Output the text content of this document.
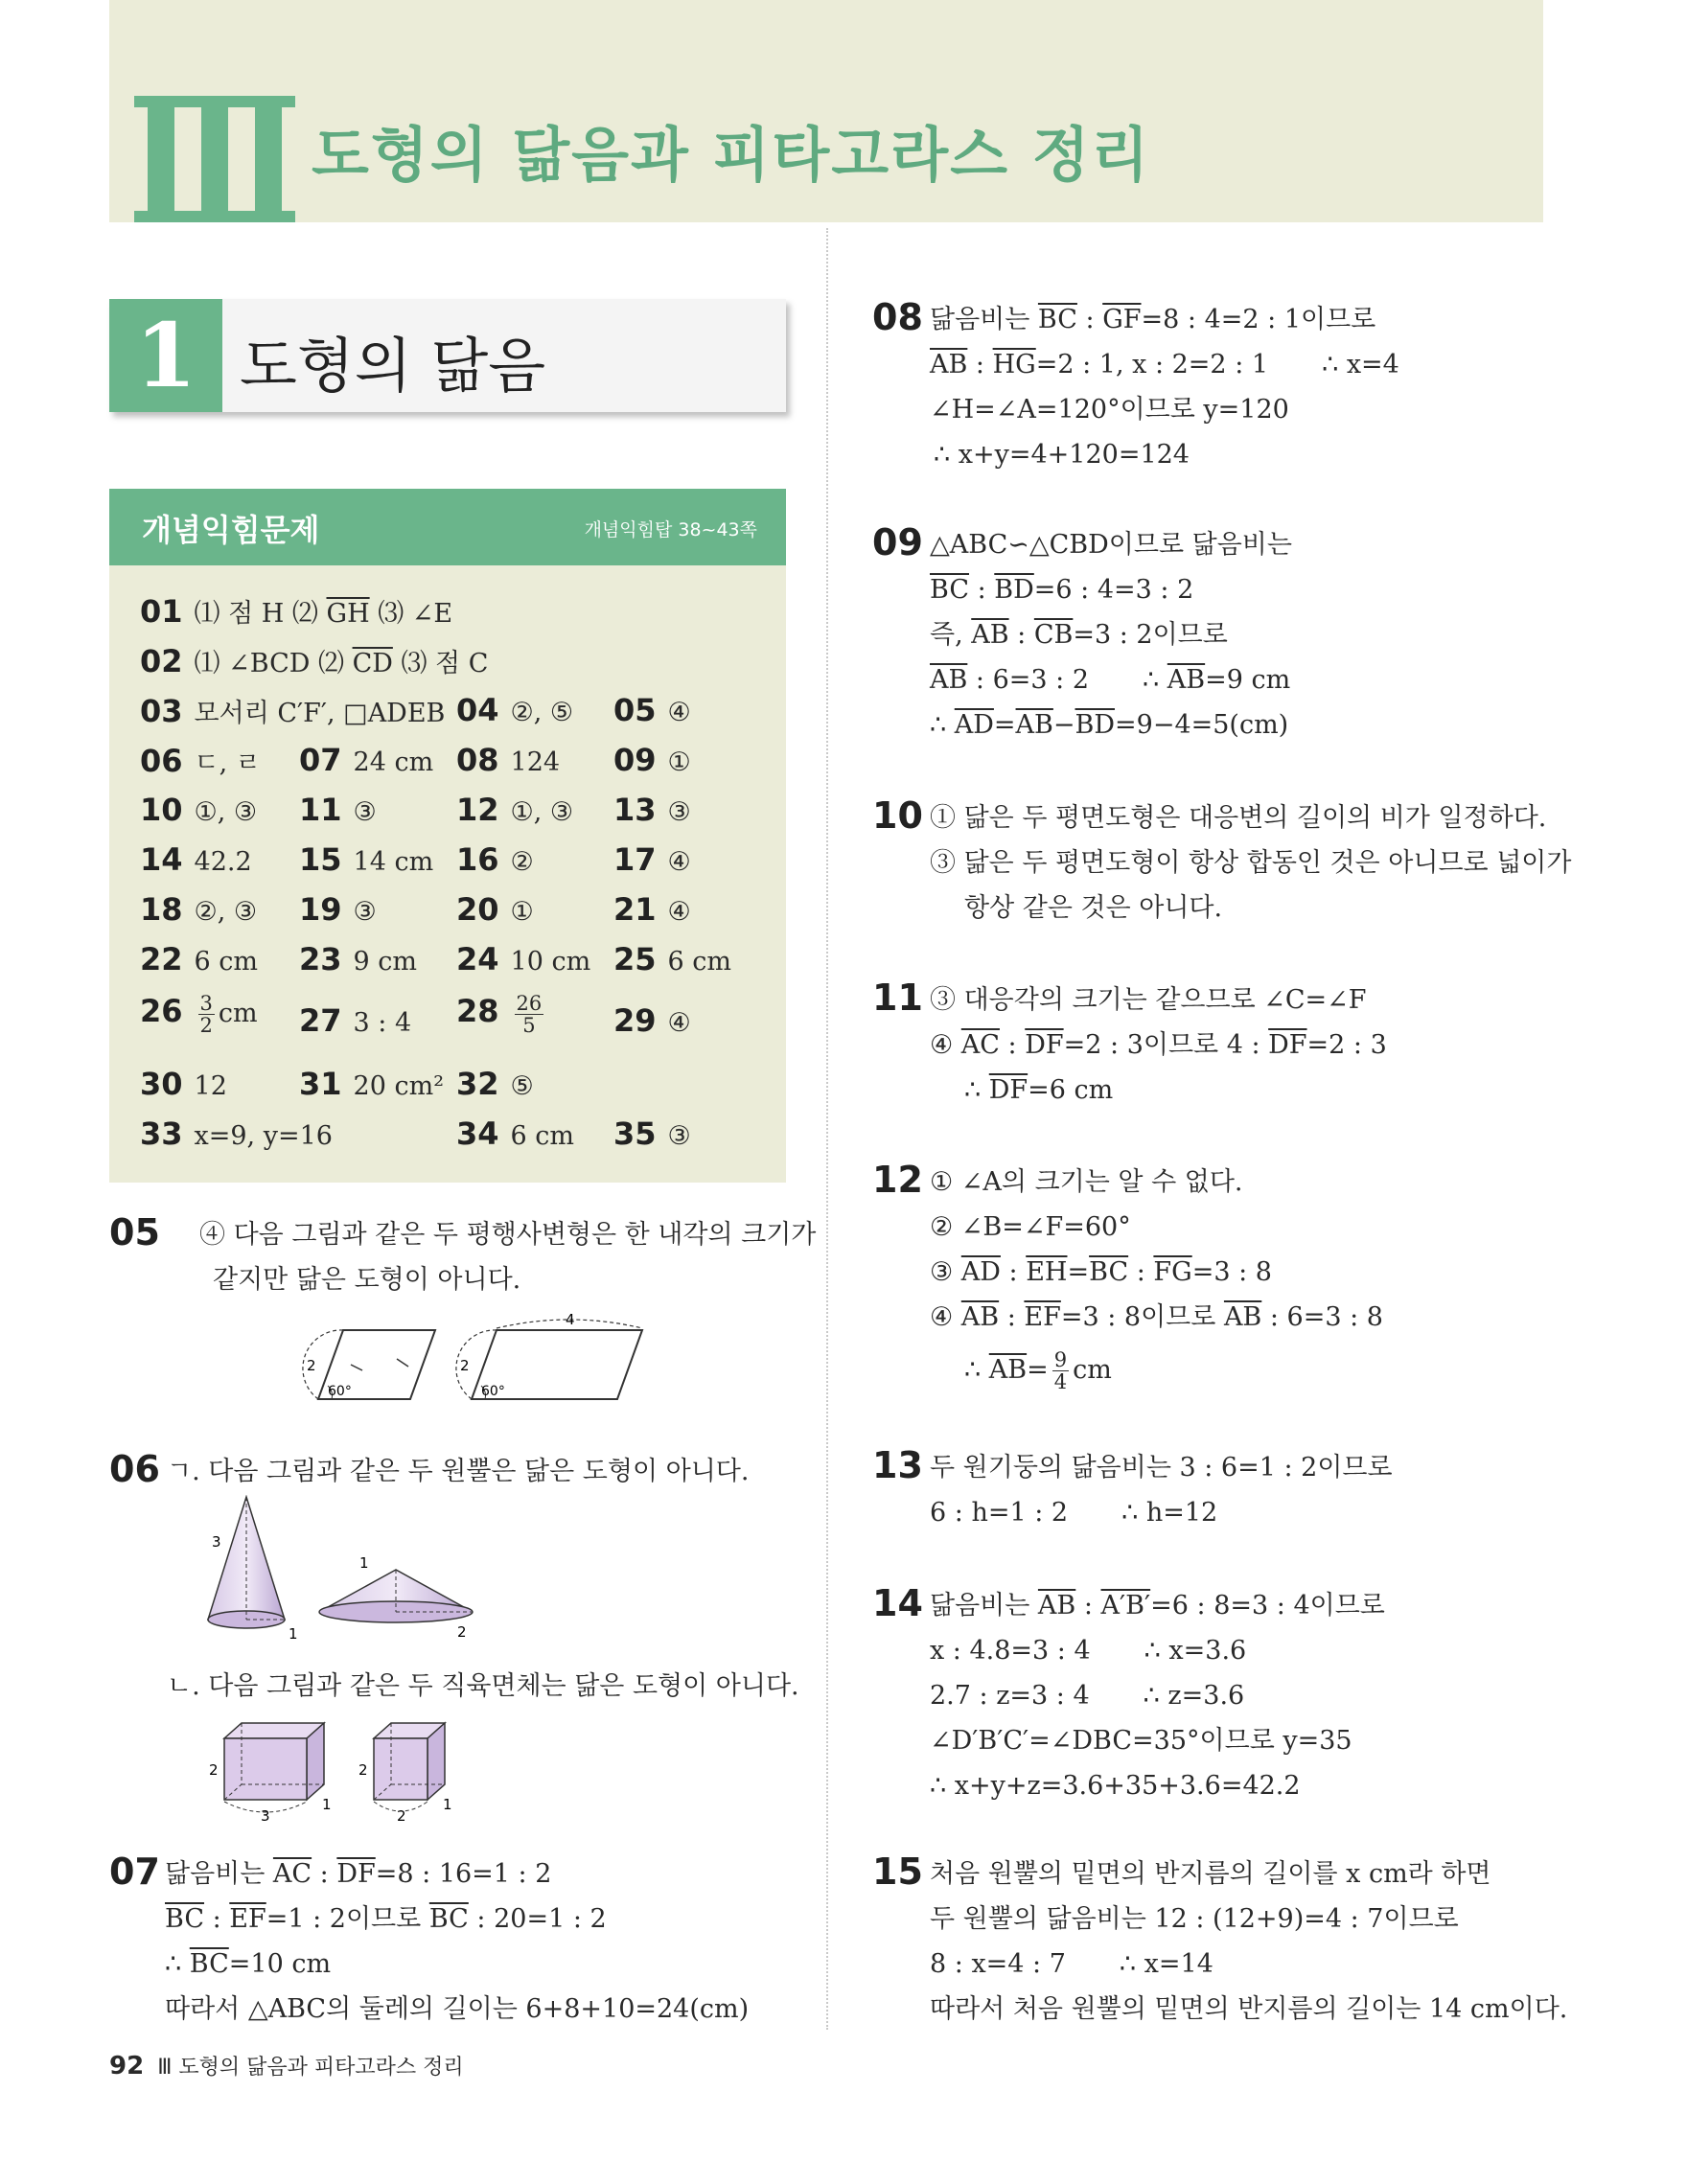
도형의 닮음과 피타고라스 정리
1 도형의 닮음
개념익힘문제	개념익힘탑 38~43쪽
01 ⑴ 점 H ⑵ $\overline{GH}$ ⑶ ∠E
02 ⑴ ∠BCD ⑵ $\overline{CD}$ ⑶ 점 C
03 모서리 C′F′, □ADEB 04 ②, ⑤ 05 ④
06 ㄷ, ㄹ 07 24 cm 08 124 09 ①
10 ①, ③ 11 ③	12 ①, ③ 13 ③
14 42.2 15 14 cm 16 ②	17 ④
18 ②, ③ 19 ③	20 ①	21 ④
22 6 cm 23 9 cm 24 10 cm 25 6 cm
$26 \frac{3}{2}$ cm 27 3 : 4 $28 \frac{26}{5} 29$ ④
30 12 31 20 cm² 32 ⑤
33 x=9, y=16	34 6 cm 35 ③
05 ④ 다음 그림과 같은 두 평행사변형은 한 내각의 크기가
같지만 닮은 도형이 아니다.
2
60°
2
60°
4
06 ㄱ. 다음 그림과 같은 두 원뿔은 닮은 도형이 아니다.
3
1
1
2
ㄴ. 다음 그림과 같은 두 직육면체는 닮은 도형이 아니다.
2
3
1
2
2
1
07 닮음비는 $\overline{AC}$ : $\overline{DF}=8$ : 16=1 : 2
$\overline{BC}$ : $\overline{EF}=1$ : 2이므로 $\overline{BC}$ : 20=1 : 2
∴ $\overline{BC}=10$ cm
따라서 △ABC의 둘레의 길이는 6+8+10=24(cm)
08 닮음비는 $\overline{BC}$ : $\overline{GF}=8$ : 4=2 : 1이므로
$\overline{AB}$ : $\overline{HG}=2$ : 1, x : 2=2 : 1 ∴ x=4
∠H=∠A=120°이므로 y=120
∴ x+y=4+120=124
09 △ABC∽△CBD이므로 닮음비는
$\overline{BC}$ : $\overline{BD}=6$ : 4=3 : 2
즉, $\overline{AB}$ : $\overline{CB}=3$ : 2이므로
$\overline{AB}$ : 6=3 : 2 ∴ $\overline{AB}=9$ cm
∴ $\overline{AD}=\overline{AB}-\overline{BD}=9-4=5(cm)$
10 ① 닮은 두 평면도형은 대응변의 길이의 비가 일정하다.
③ 닮은 두 평면도형이 항상 합동인 것은 아니므로 넓이가
항상 같은 것은 아니다.
11 ③ 대응각의 크기는 같으므로 ∠C=∠F
④ $\overline{AC}$ : $\overline{DF}=2$ : 3이므로 4 : $\overline{DF}=2$ : 3
∴ $\overline{DF}=6$ cm
12 ① ∠A의 크기는 알 수 없다.
② ∠B=∠F=60°
③ $\overline{AD}$ : $\overline{EH}=\overline{BC}$ : $\overline{FG}=3$ : 8
④ $\overline{AB}$ : $\overline{EF}=3$ : 8이므로 $\overline{AB}$ : 6=3 : 8
∴ $\overline{AB}= \frac{9}{4}$ cm
13 두 원기둥의 닮음비는 3 : 6=1 : 2이므로
6 : h=1 : 2 ∴ h=12
14 닮음비는 $\overline{AB}$ : A′B′=6 : 8=3 : 4이므로
x : 4.8=3 : 4 ∴ x=3.6
2.7 : z=3 : 4 ∴ z=3.6
∠D′B′C′=∠DBC=35°이므로 y=35
∴ x+y+z=3.6+35+3.6=42.2
15 처음 원뿔의 밑면의 반지름의 길이를 x cm라 하면
두 원뿔의 닮음비는 12 : (12+9)=4 : 7이므로
8 : x=4 : 7 ∴ x=14
따라서 처음 원뿔의 밑면의 반지름의 길이는 14 cm이다.
92 Ⅲ 도형의 닮음과 피타고라스 정리
